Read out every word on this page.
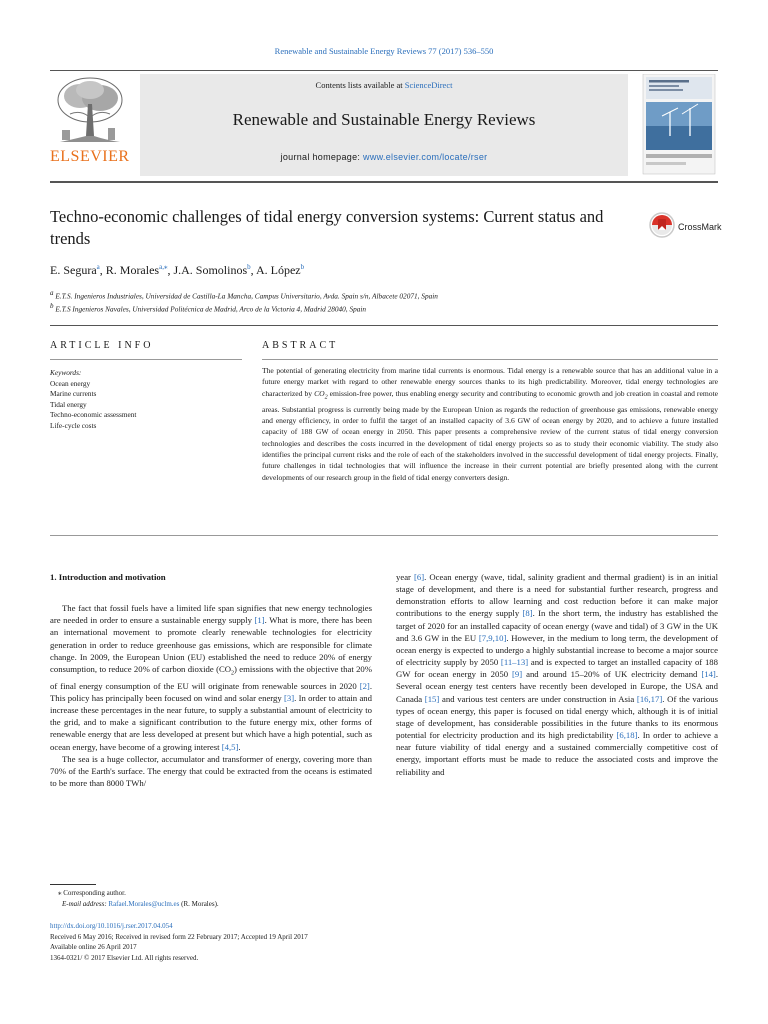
Renewable and Sustainable Energy Reviews 77 (2017) 536–550
ELSEVIER
Contents lists available at ScienceDirect
Renewable and Sustainable Energy Reviews
journal homepage: www.elsevier.com/locate/rser
Techno-economic challenges of tidal energy conversion systems: Current status and trends
CrossMark
E. Segura$^a$, R. Morales$^{a,⁎}$, J.A. Somolinos$^b$, A. López$^b$
$^a$ E.T.S. Ingenieros Industriales, Universidad de Castilla-La Mancha, Campus Universitario, Avda. Spain s/n, Albacete 02071, Spain
$^b$ E.T.S Ingenieros Navales, Universidad Politécnica de Madrid, Arco de la Victoria 4, Madrid 28040, Spain
ARTICLE INFO	ABSTRACT
Keywords:
Ocean energy
Marine currents
Tidal energy
Techno-economic assessment
Life-cycle costs
The potential of generating electricity from marine tidal currents is enormous. Tidal energy is a renewable source that has an additional value in a future energy market with regard to other renewable energy sources thanks to its high predictability. Moreover, tidal energy technologies are characterized by $CO_2$ emission-free power, thus enabling energy security and contributing to economic growth and job creation in coastal and remote areas. Substantial progress is currently being made by the European Union as regards the reduction of greenhouse gas emissions, renewable energy and energy efficiency, in order to fulfil the target of an installed capacity of 3.6 GW of ocean energy by 2020, and to achieve a future installed capacity of 188 GW of ocean energy in 2050. This paper presents a comprehensive review of the current status of tidal energy conversion technologies and describes the costs incurred in the development of tidal energy projects so as to study their economic viability. The study also identifies the principal current risks and the role of each of the stakeholders involved in the successful development of tidal energy projects. Finally, future challenges in tidal technologies that will influence the increase in their current potential are briefly presented along with the current developments of our research group in the field of tidal energy converters design.
1. Introduction and motivation

The fact that fossil fuels have a limited life span signifies that new energy technologies are needed in order to ensure a sustainable energy supply [1]. What is more, there has been an international movement to promote clearly renewable technologies for electricity generation in order to reduce greenhouse gas emissions, which are responsible for climate change. In 2009, the European Union (EU) established the need to reduce 20% of energy consumption, to reduce 20% of carbon dioxide $(CO_2)$ emissions with the objective that 20% of final energy consumption of the EU will originate from renewable sources in 2020 [2]. This policy has principally been focused on wind and solar energy [3]. In order to attain and increase these percentages in the near future, to supply a substantial amount of electricity to the grid, and to make a significant contribution to the future energy mix, other forms of renewable energy that are less developed at present but which have a high potential, such as ocean energy, have become of a growing interest [4,5].

The sea is a huge collector, accumulator and transformer of energy, covering more than 70% of the Earth's surface. The energy that could be extracted from the oceans is estimated to be more than 8000 TWh/

year [6]. Ocean energy (wave, tidal, salinity gradient and thermal gradient) is in an initial stage of development, and there is a need for substantial further research, progress and demonstration efforts to allow learning and cost reduction before it can make major contributions to the energy supply [8]. In the short term, the industry has established the target of 2020 for an installed capacity of ocean energy (wave and tidal) of 3 GW in the UK and 3.6 GW in the EU [7,9,10]. However, in the medium to long term, the development of ocean energy is expected to undergo a highly substantial increase to become a major source of electricity supply by 2050 [11–13] and is expected to target an installed capacity of 188 GW for ocean energy in 2050 [9] and around 15–20% of UK electricity demand [14]. Several ocean energy test centers have recently been developed in Europe, the USA and Canada [15] and various test centers are under construction in Asia [16,17]. Of the various types of ocean energy, this paper is focused on tidal energy which, although it is of initial stage of development, has considerable possibilities in the future thanks to its enormous potential for electricity production and its high predictability [6,18]. In order to achieve a near future viability of tidal energy and a sustained commercially competitive cost of energy, important efforts must be made to reduce the associated costs and improve the reliability and

⁎ Corresponding author.
E-mail address: Rafael.Morales@uclm.es (R. Morales).
http://dx.doi.org/10.1016/j.rser.2017.04.054
Received 6 May 2016; Received in revised form 22 February 2017; Accepted 19 April 2017
Available online 26 April 2017
1364-0321/ © 2017 Elsevier Ltd. All rights reserved.
